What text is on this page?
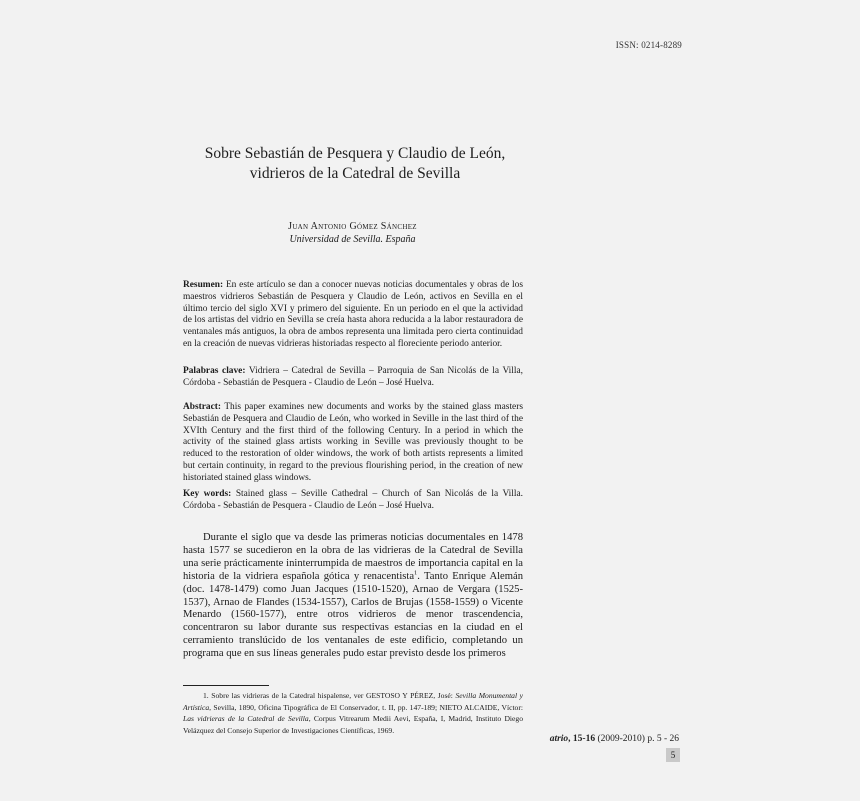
ISSN: 0214-8289
Sobre Sebastián de Pesquera y Claudio de León, vidrieros de la Catedral de Sevilla
Juan Antonio Gómez Sánchez
Universidad de Sevilla. España

Resumen: En este artículo se dan a conocer nuevas noticias documentales y obras de los maestros vidrieros Sebastián de Pesquera y Claudio de León, activos en Sevilla en el último tercio del siglo XVI y primero del siguiente. En un periodo en el que la actividad de los artistas del vidrio en Sevilla se creía hasta ahora reducida a la labor restauradora de ventanales más antiguos, la obra de ambos representa una limitada pero cierta continuidad en la creación de nuevas vidrieras historiadas respecto al floreciente periodo anterior.

Palabras clave: Vidriera – Catedral de Sevilla – Parroquia de San Nicolás de la Villa, Córdoba - Sebastián de Pesquera - Claudio de León – José Huelva.

Abstract: This paper examines new documents and works by the stained glass masters Sebastián de Pesquera and Claudio de León, who worked in Seville in the last third of the XVIth Century and the first third of the following Century. In a period in which the activity of the stained glass artists working in Seville was previously thought to be reduced to the restoration of older windows, the work of both artists represents a limited but certain continuity, in regard to the previous flourishing period, in the creation of new historiated stained glass windows.

Key words: Stained glass – Seville Cathedral – Church of San Nicolás de la Villa. Córdoba - Sebastián de Pesquera - Claudio de León – José Huelva.

Durante el siglo que va desde las primeras noticias documentales en 1478 hasta 1577 se sucedieron en la obra de las vidrieras de la Catedral de Sevilla una serie prácticamente ininterrumpida de maestros de importancia capital en la historia de la vidriera española gótica y renacentista$^1$. Tanto Enrique Alemán (doc. 1478-1479) como Juan Jacques (1510-1520), Arnao de Vergara (1525-1537), Arnao de Flandes (1534-1557), Carlos de Brujas (1558-1559) o Vicente Menardo (1560-1577), entre otros vidrieros de menor trascendencia, concentraron su labor durante sus respectivas estancias en la ciudad en el cerramiento translúcido de los ventanales de este edificio, completando un programa que en sus líneas generales pudo estar previsto desde los primeros

1. Sobre las vidrieras de la Catedral hispalense, ver GESTOSO Y PÉREZ, José: Sevilla Monumental y Artística, Sevilla, 1890, Oficina Tipográfica de El Conservador, t. II, pp. 147-189; NIETO ALCAIDE, Víctor: Las vidrieras de la Catedral de Sevilla, Corpus Vitrearum Medii Aevi, España, I, Madrid, Instituto Diego Velázquez del Consejo Superior de Investigaciones Científicas, 1969.

atrio, 15-16 (2009-2010) p. 5 - 26
5
